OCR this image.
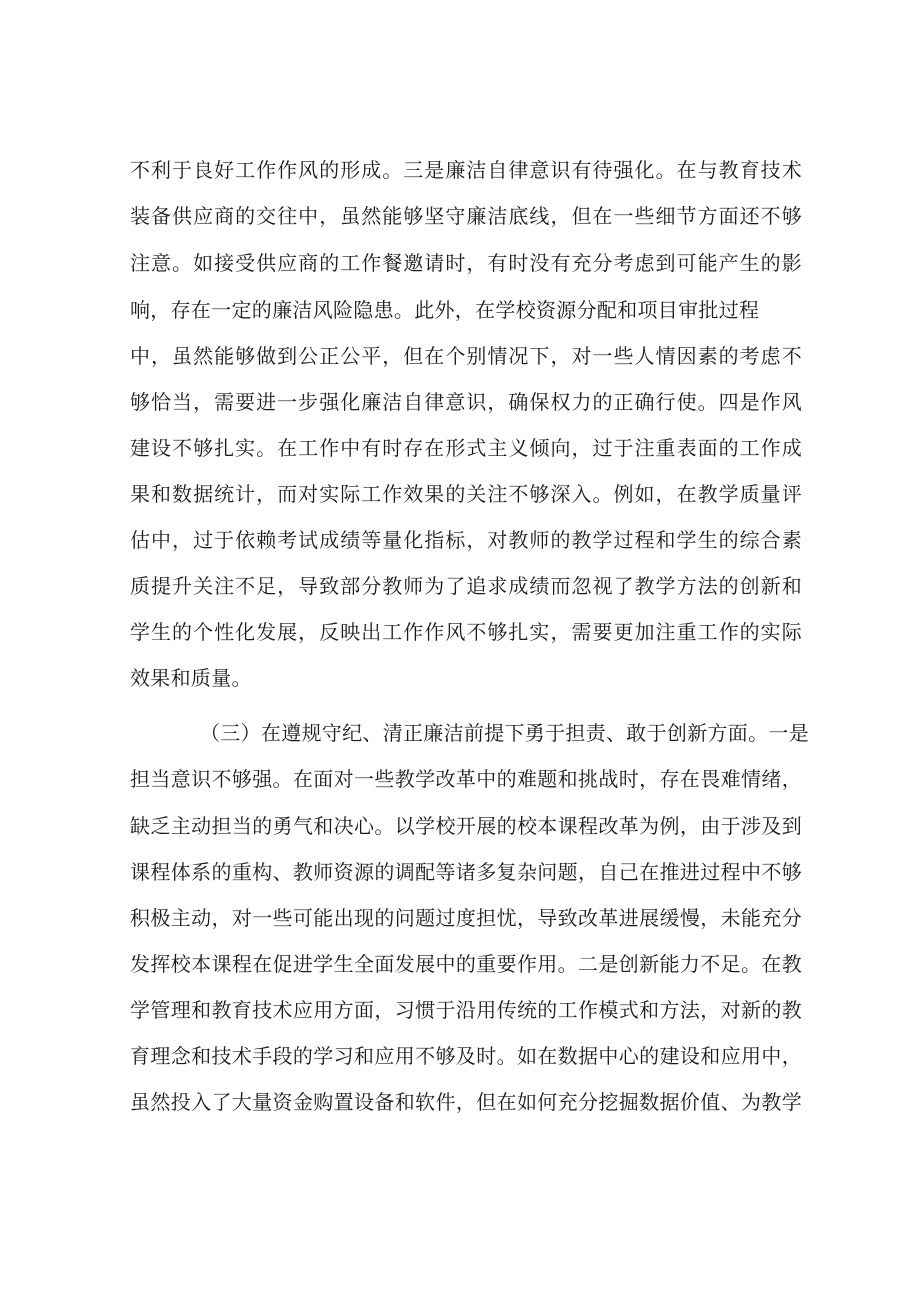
不利于良好工作作风的形成。三是廉洁自律意识有待强化。在与教育技术
装备供应商的交往中，虽然能够坚守廉洁底线，但在一些细节方面还不够
注意。如接受供应商的工作餐邀请时，有时没有充分考虑到可能产生的影
响，存在一定的廉洁风险隐患。此外，在学校资源分配和项目审批过程
中，虽然能够做到公正公平，但在个别情况下，对一些人情因素的考虑不
够恰当，需要进一步强化廉洁自律意识，确保权力的正确行使。四是作风
建设不够扎实。在工作中有时存在形式主义倾向，过于注重表面的工作成
果和数据统计，而对实际工作效果的关注不够深入。例如，在教学质量评
估中，过于依赖考试成绩等量化指标，对教师的教学过程和学生的综合素
质提升关注不足，导致部分教师为了追求成绩而忽视了教学方法的创新和
学生的个性化发展，反映出工作作风不够扎实，需要更加注重工作的实际
效果和质量。
（三）在遵规守纪、清正廉洁前提下勇于担责、敢于创新方面。一是
担当意识不够强。在面对一些教学改革中的难题和挑战时，存在畏难情绪，
缺乏主动担当的勇气和决心。以学校开展的校本课程改革为例，由于涉及到
课程体系的重构、教师资源的调配等诸多复杂问题，自己在推进过程中不够
积极主动，对一些可能出现的问题过度担忧，导致改革进展缓慢，未能充分
发挥校本课程在促进学生全面发展中的重要作用。二是创新能力不足。在教
学管理和教育技术应用方面，习惯于沿用传统的工作模式和方法，对新的教
育理念和技术手段的学习和应用不够及时。如在数据中心的建设和应用中，
虽然投入了大量资金购置设备和软件，但在如何充分挖掘数据价值、为教学
